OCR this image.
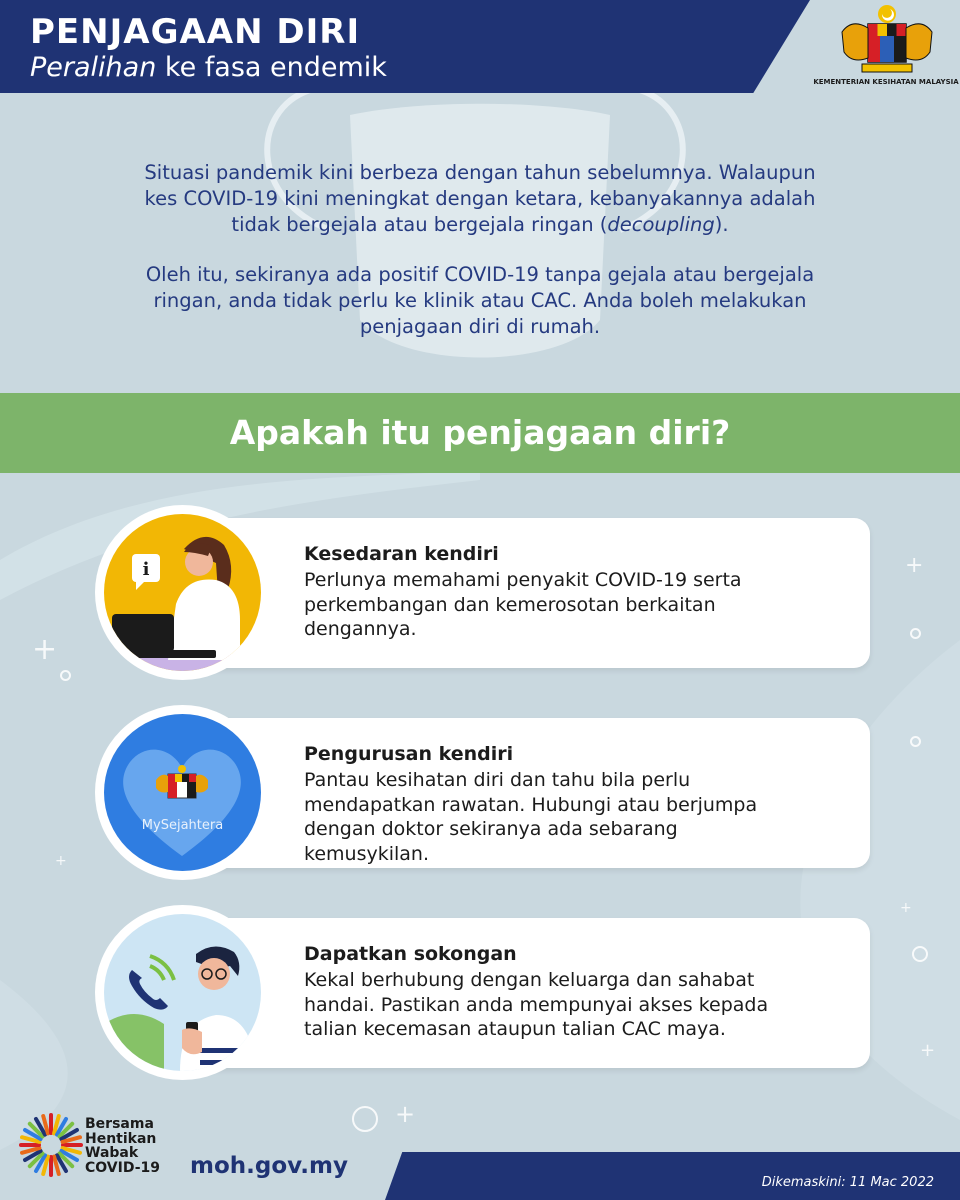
+
+
+
+
+
+
PENJAGAAN DIRI
Peralihan ke fasa endemik	KEMENTERIAN KESIHATAN MALAYSIA
Situasi pandemik kini berbeza dengan tahun sebelumnya. Walaupun
kes COVID-19 kini meningkat dengan ketara, kebanyakannya adalah
tidak bergejala atau bergejala ringan (decoupling).
Oleh itu, sekiranya ada positif COVID-19 tanpa gejala atau bergejala
ringan, anda tidak perlu ke klinik atau CAC. Anda boleh melakukan
penjagaan diri di rumah.
Apakah itu penjagaan diri?
Kesedaran kendiri
Perlunya memahami penyakit COVID-19 serta
perkembangan dan kemerosotan berkaitan
dengannya.
i
Pengurusan kendiri
Pantau kesihatan diri dan tahu bila perlu
mendapatkan rawatan. Hubungi atau berjumpa
dengan doktor sekiranya ada sebarang
kemusykilan.
MySejahtera
Dapatkan sokongan
Kekal berhubung dengan keluarga dan sahabat
handai. Pastikan anda mempunyai akses kepada
talian kecemasan ataupun talian CAC maya.
Bersama
Hentikan
Wabak
COVID-19 moh.gov.my
Dikemaskini: 11 Mac 2022
